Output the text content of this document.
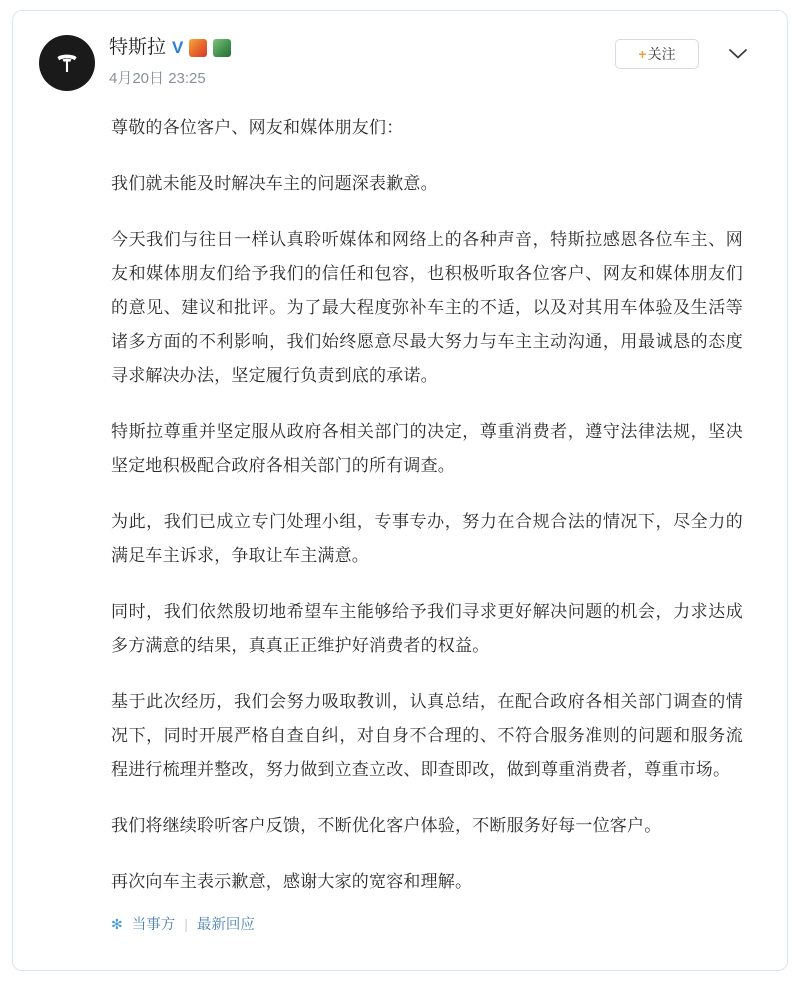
特斯拉 V
4月20日 23:25
+ 关注

尊敬的各位客户、网友和媒体朋友们：

我们就未能及时解决车主的问题深表歉意。

今天我们与往日一样认真聆听媒体和网络上的各种声音，特斯拉感恩各位车主、网友和媒体朋友们给予我们的信任和包容，也积极听取各位客户、网友和媒体朋友们的意见、建议和批评。为了最大程度弥补车主的不适，以及对其用车体验及生活等诸多方面的不利影响，我们始终愿意尽最大努力与车主主动沟通，用最诚恳的态度寻求解决办法，坚定履行负责到底的承诺。

特斯拉尊重并坚定服从政府各相关部门的决定，尊重消费者，遵守法律法规，坚决坚定地积极配合政府各相关部门的所有调查。

为此，我们已成立专门处理小组，专事专办，努力在合规合法的情况下，尽全力的满足车主诉求，争取让车主满意。

同时，我们依然殷切地希望车主能够给予我们寻求更好解决问题的机会，力求达成多方满意的结果，真真正正维护好消费者的权益。

基于此次经历，我们会努力吸取教训，认真总结，在配合政府各相关部门调查的情况下，同时开展严格自查自纠，对自身不合理的、不符合服务准则的问题和服务流程进行梳理并整改，努力做到立查立改、即查即改，做到尊重消费者，尊重市场。

我们将继续聆听客户反馈，不断优化客户体验，不断服务好每一位客户。

再次向车主表示歉意，感谢大家的宽容和理解。

✻ 当事方 | 最新回应
